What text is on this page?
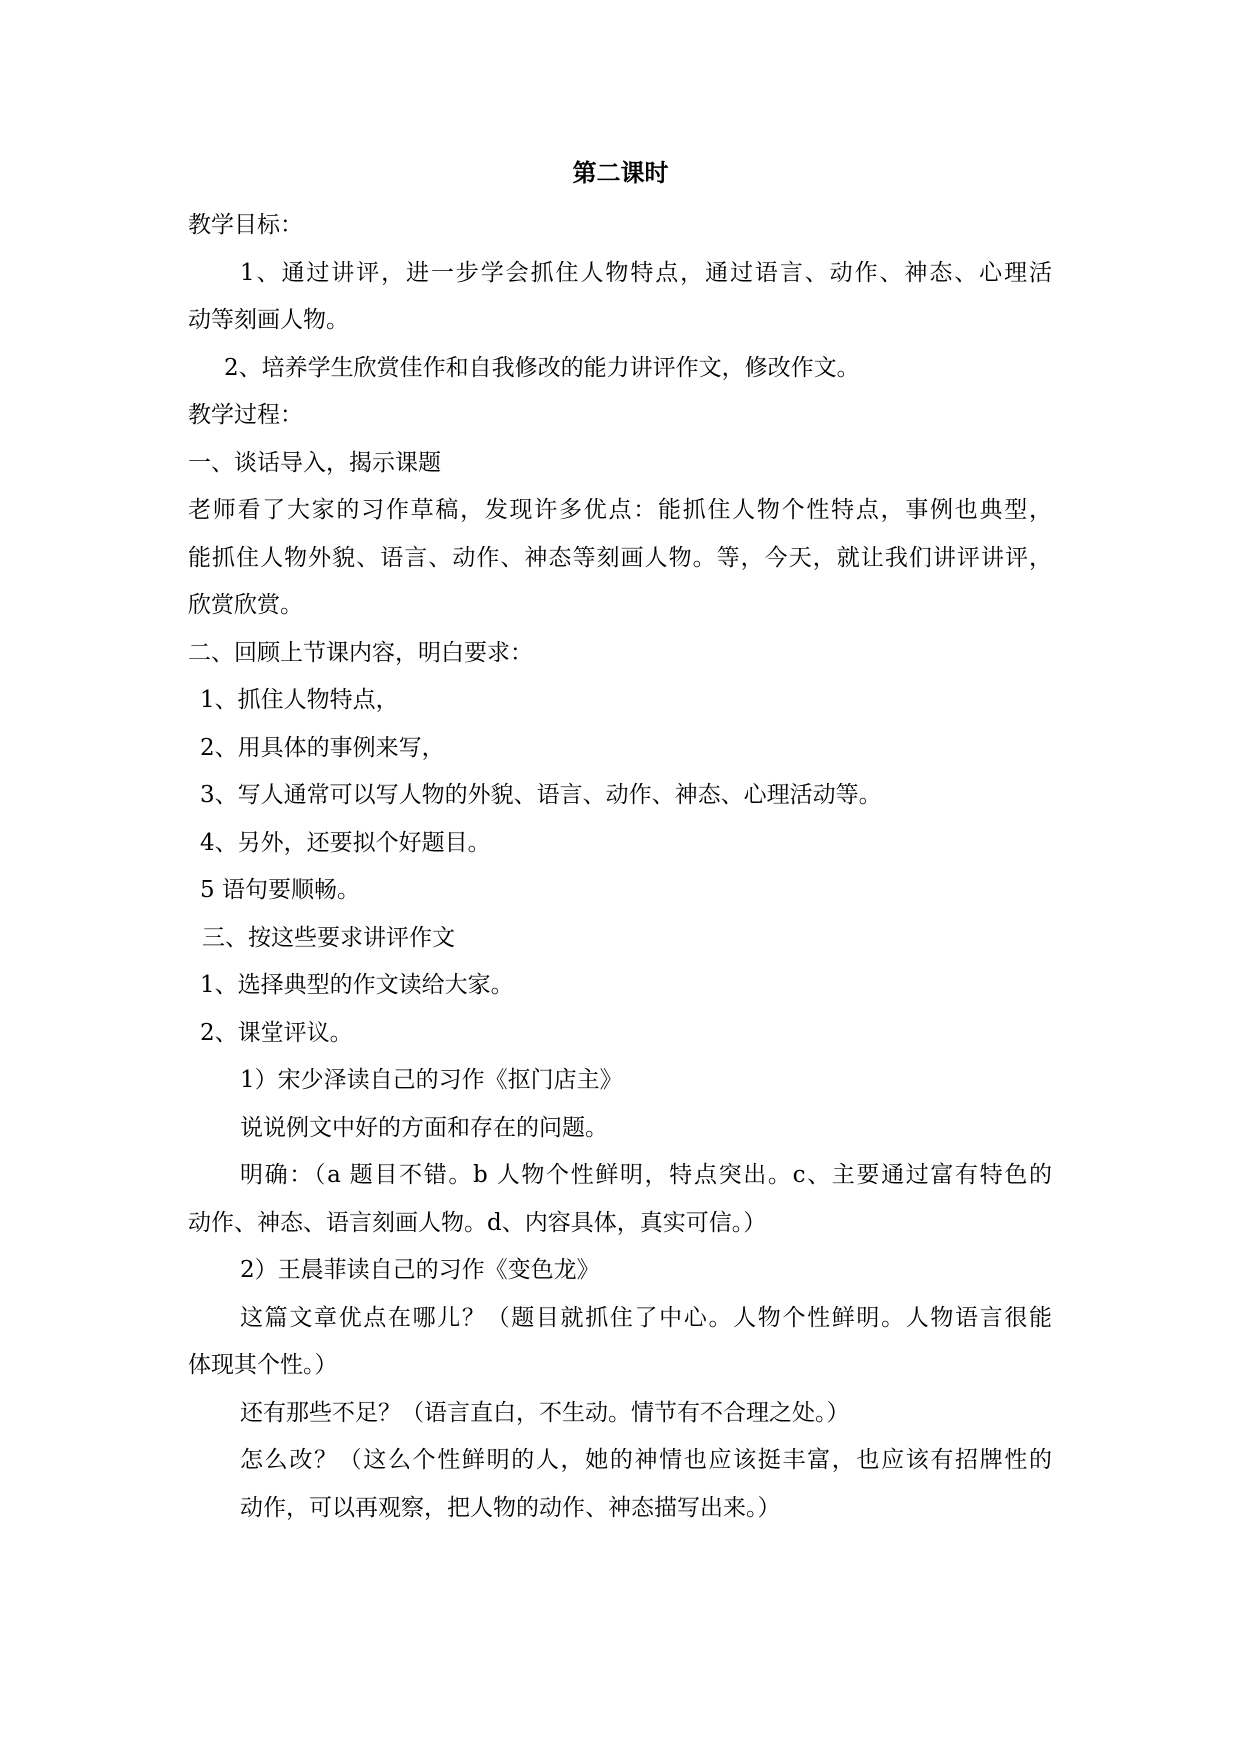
第二课时
教学目标：
1、通过讲评，进一步学会抓住人物特点，通过语言、动作、神态、心理活
动等刻画人物。
2、培养学生欣赏佳作和自我修改的能力讲评作文，修改作文。
教学过程：
一、谈话导入，揭示课题
老师看了大家的习作草稿，发现许多优点：能抓住人物个性特点，事例也典型，
能抓住人物外貌、语言、动作、神态等刻画人物。等，今天，就让我们讲评讲评，
欣赏欣赏。
二、回顾上节课内容，明白要求：
1、抓住人物特点，
2、用具体的事例来写，
3、写人通常可以写人物的外貌、语言、动作、神态、心理活动等。
4、另外，还要拟个好题目。
5 语句要顺畅。
三、按这些要求讲评作文
1、选择典型的作文读给大家。
2、课堂评议。
1）宋少泽读自己的习作《抠门店主》
说说例文中好的方面和存在的问题。
明确：（a 题目不错。b 人物个性鲜明，特点突出。c、主要通过富有特色的
动作、神态、语言刻画人物。d、内容具体，真实可信。）
2）王晨菲读自己的习作《变色龙》
这篇文章优点在哪儿？（题目就抓住了中心。人物个性鲜明。人物语言很能
体现其个性。）
还有那些不足？（语言直白，不生动。情节有不合理之处。）
怎么改？（这么个性鲜明的人，她的神情也应该挺丰富，也应该有招牌性的
动作，可以再观察，把人物的动作、神态描写出来。）
